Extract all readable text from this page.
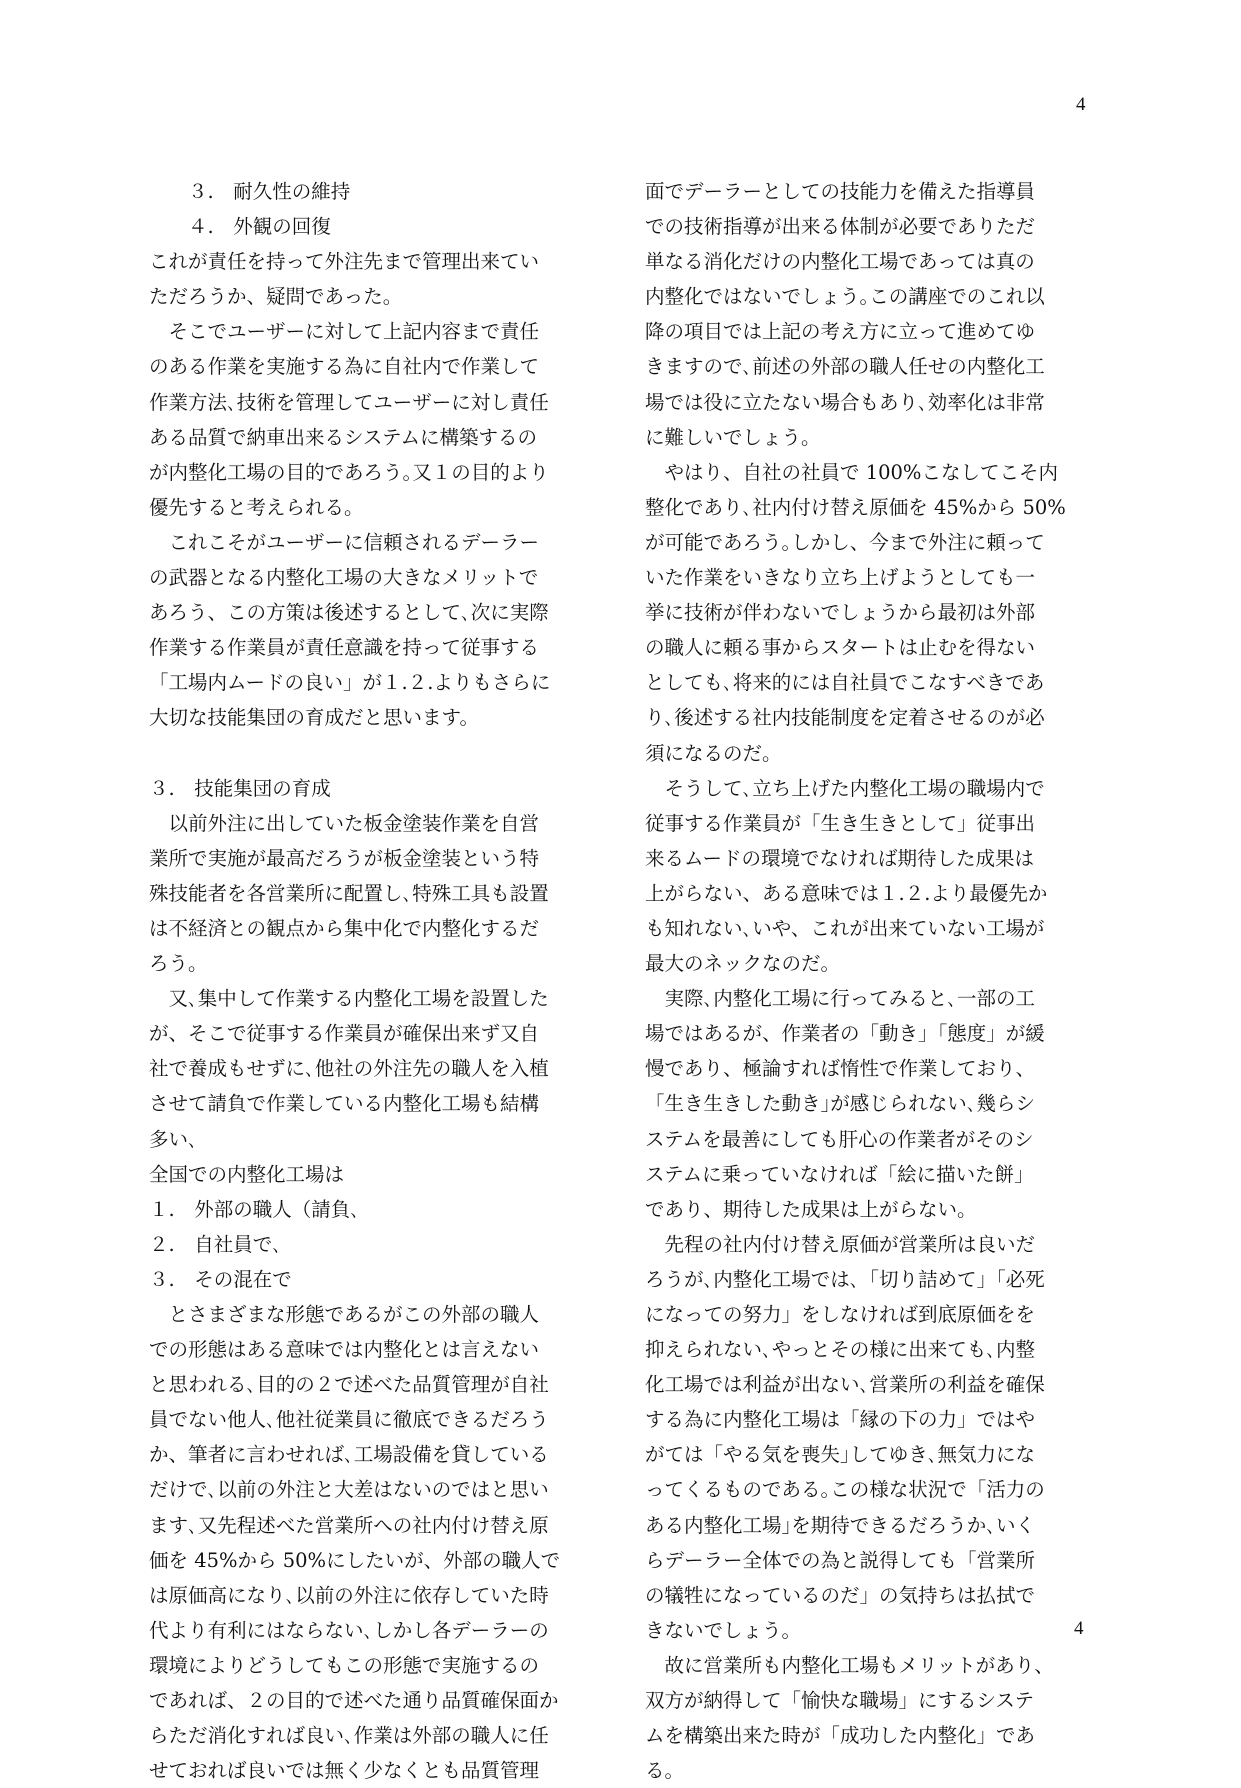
4
　　３.　耐久性の維持
　　４.　外観の回復
これが責任を持って外注先まで管理出来てい
ただろうか、疑問であった。
　そこでユーザーに対して上記内容まで責任
のある作業を実施する為に自社内で作業して
作業方法､技術を管理してユーザーに対し責任
ある品質で納車出来るシステムに構築するの
が内整化工場の目的であろう｡又１の目的より
優先すると考えられる。
　これこそがユーザーに信頼されるデーラー
の武器となる内整化工場の大きなメリットで
あろう、この方策は後述するとして､次に実際
作業する作業員が責任意識を持って従事する
「工場内ムードの良い」が１.２.よりもさらに
大切な技能集団の育成だと思います。
３.　技能集団の育成
　以前外注に出していた板金塗装作業を自営
業所で実施が最高だろうが板金塗装という特
殊技能者を各営業所に配置し､特殊工具も設置
は不経済との観点から集中化で内整化するだ
ろう。
　又､集中して作業する内整化工場を設置した
が、そこで従事する作業員が確保出来ず又自
社で養成もせずに､他社の外注先の職人を入植
させて請負で作業している内整化工場も結構
多い､
全国での内整化工場は
１.　外部の職人（請負､
２.　自社員で､
３.　その混在で
　とさまざまな形態であるがこの外部の職人
での形態はある意味では内整化とは言えない
と思われる､目的の２で述べた品質管理が自社
員でない他人､他社従業員に徹底できるだろう
か、筆者に言わせれば､工場設備を貸している
だけで､以前の外注と大差はないのではと思い
ます､又先程述べた営業所への社内付け替え原
価を 45%から 50%にしたいが、外部の職人で
は原価高になり､以前の外注に依存していた時
代より有利にはならない､しかし各デーラーの
環境によりどうしてもこの形態で実施するの
であれば、２の目的で述べた通り品質確保面か
らただ消化すれば良い､作業は外部の職人に任
せておれば良いでは無く少なくとも品質管理
面でデーラーとしての技能力を備えた指導員
での技術指導が出来る体制が必要でありただ
単なる消化だけの内整化工場であっては真の
内整化ではないでしょう｡この講座でのこれ以
降の項目では上記の考え方に立って進めてゆ
きますので､前述の外部の職人任せの内整化工
場では役に立たない場合もあり､効率化は非常
に難しいでしょう。
　やはり、自社の社員で 100%こなしてこそ内
整化であり､社内付け替え原価を 45%から 50%
が可能であろう｡しかし、今まで外注に頼って
いた作業をいきなり立ち上げようとしても一
挙に技術が伴わないでしょうから最初は外部
の職人に頼る事からスタートは止むを得ない
としても､将来的には自社員でこなすべきであ
り､後述する社内技能制度を定着させるのが必
須になるのだ。
　そうして､立ち上げた内整化工場の職場内で
従事する作業員が「生き生きとして」従事出
来るムードの環境でなければ期待した成果は
上がらない、ある意味では１.２.より最優先か
も知れない､いや、これが出来ていない工場が
最大のネックなのだ。
　実際､内整化工場に行ってみると､一部の工
場ではあるが、作業者の「動き」「態度」が緩
慢であり、極論すれば惰性で作業しており、
「生き生きした動き｣が感じられない､幾らシ
ステムを最善にしても肝心の作業者がそのシ
ステムに乗っていなければ「絵に描いた餅」
であり、期待した成果は上がらない。
　先程の社内付け替え原価が営業所は良いだ
ろうが､内整化工場では､「切り詰めて」「必死
になっての努力」をしなければ到底原価をを
抑えられない､やっとその様に出来ても､内整
化工場では利益が出ない､営業所の利益を確保
する為に内整化工場は「縁の下の力」ではや
がては「やる気を喪失｣してゆき､無気力にな
ってくるものである｡この様な状況で「活力の
ある内整化工場｣を期待できるだろうか､いく
らデーラー全体での為と説得しても「営業所
の犠牲になっているのだ」の気持ちは払拭で
きないでしょう。
　故に営業所も内整化工場もメリットがあり、
双方が納得して「愉快な職場」にするシステ
ムを構築出来た時が「成功した内整化」であ
る。
4
